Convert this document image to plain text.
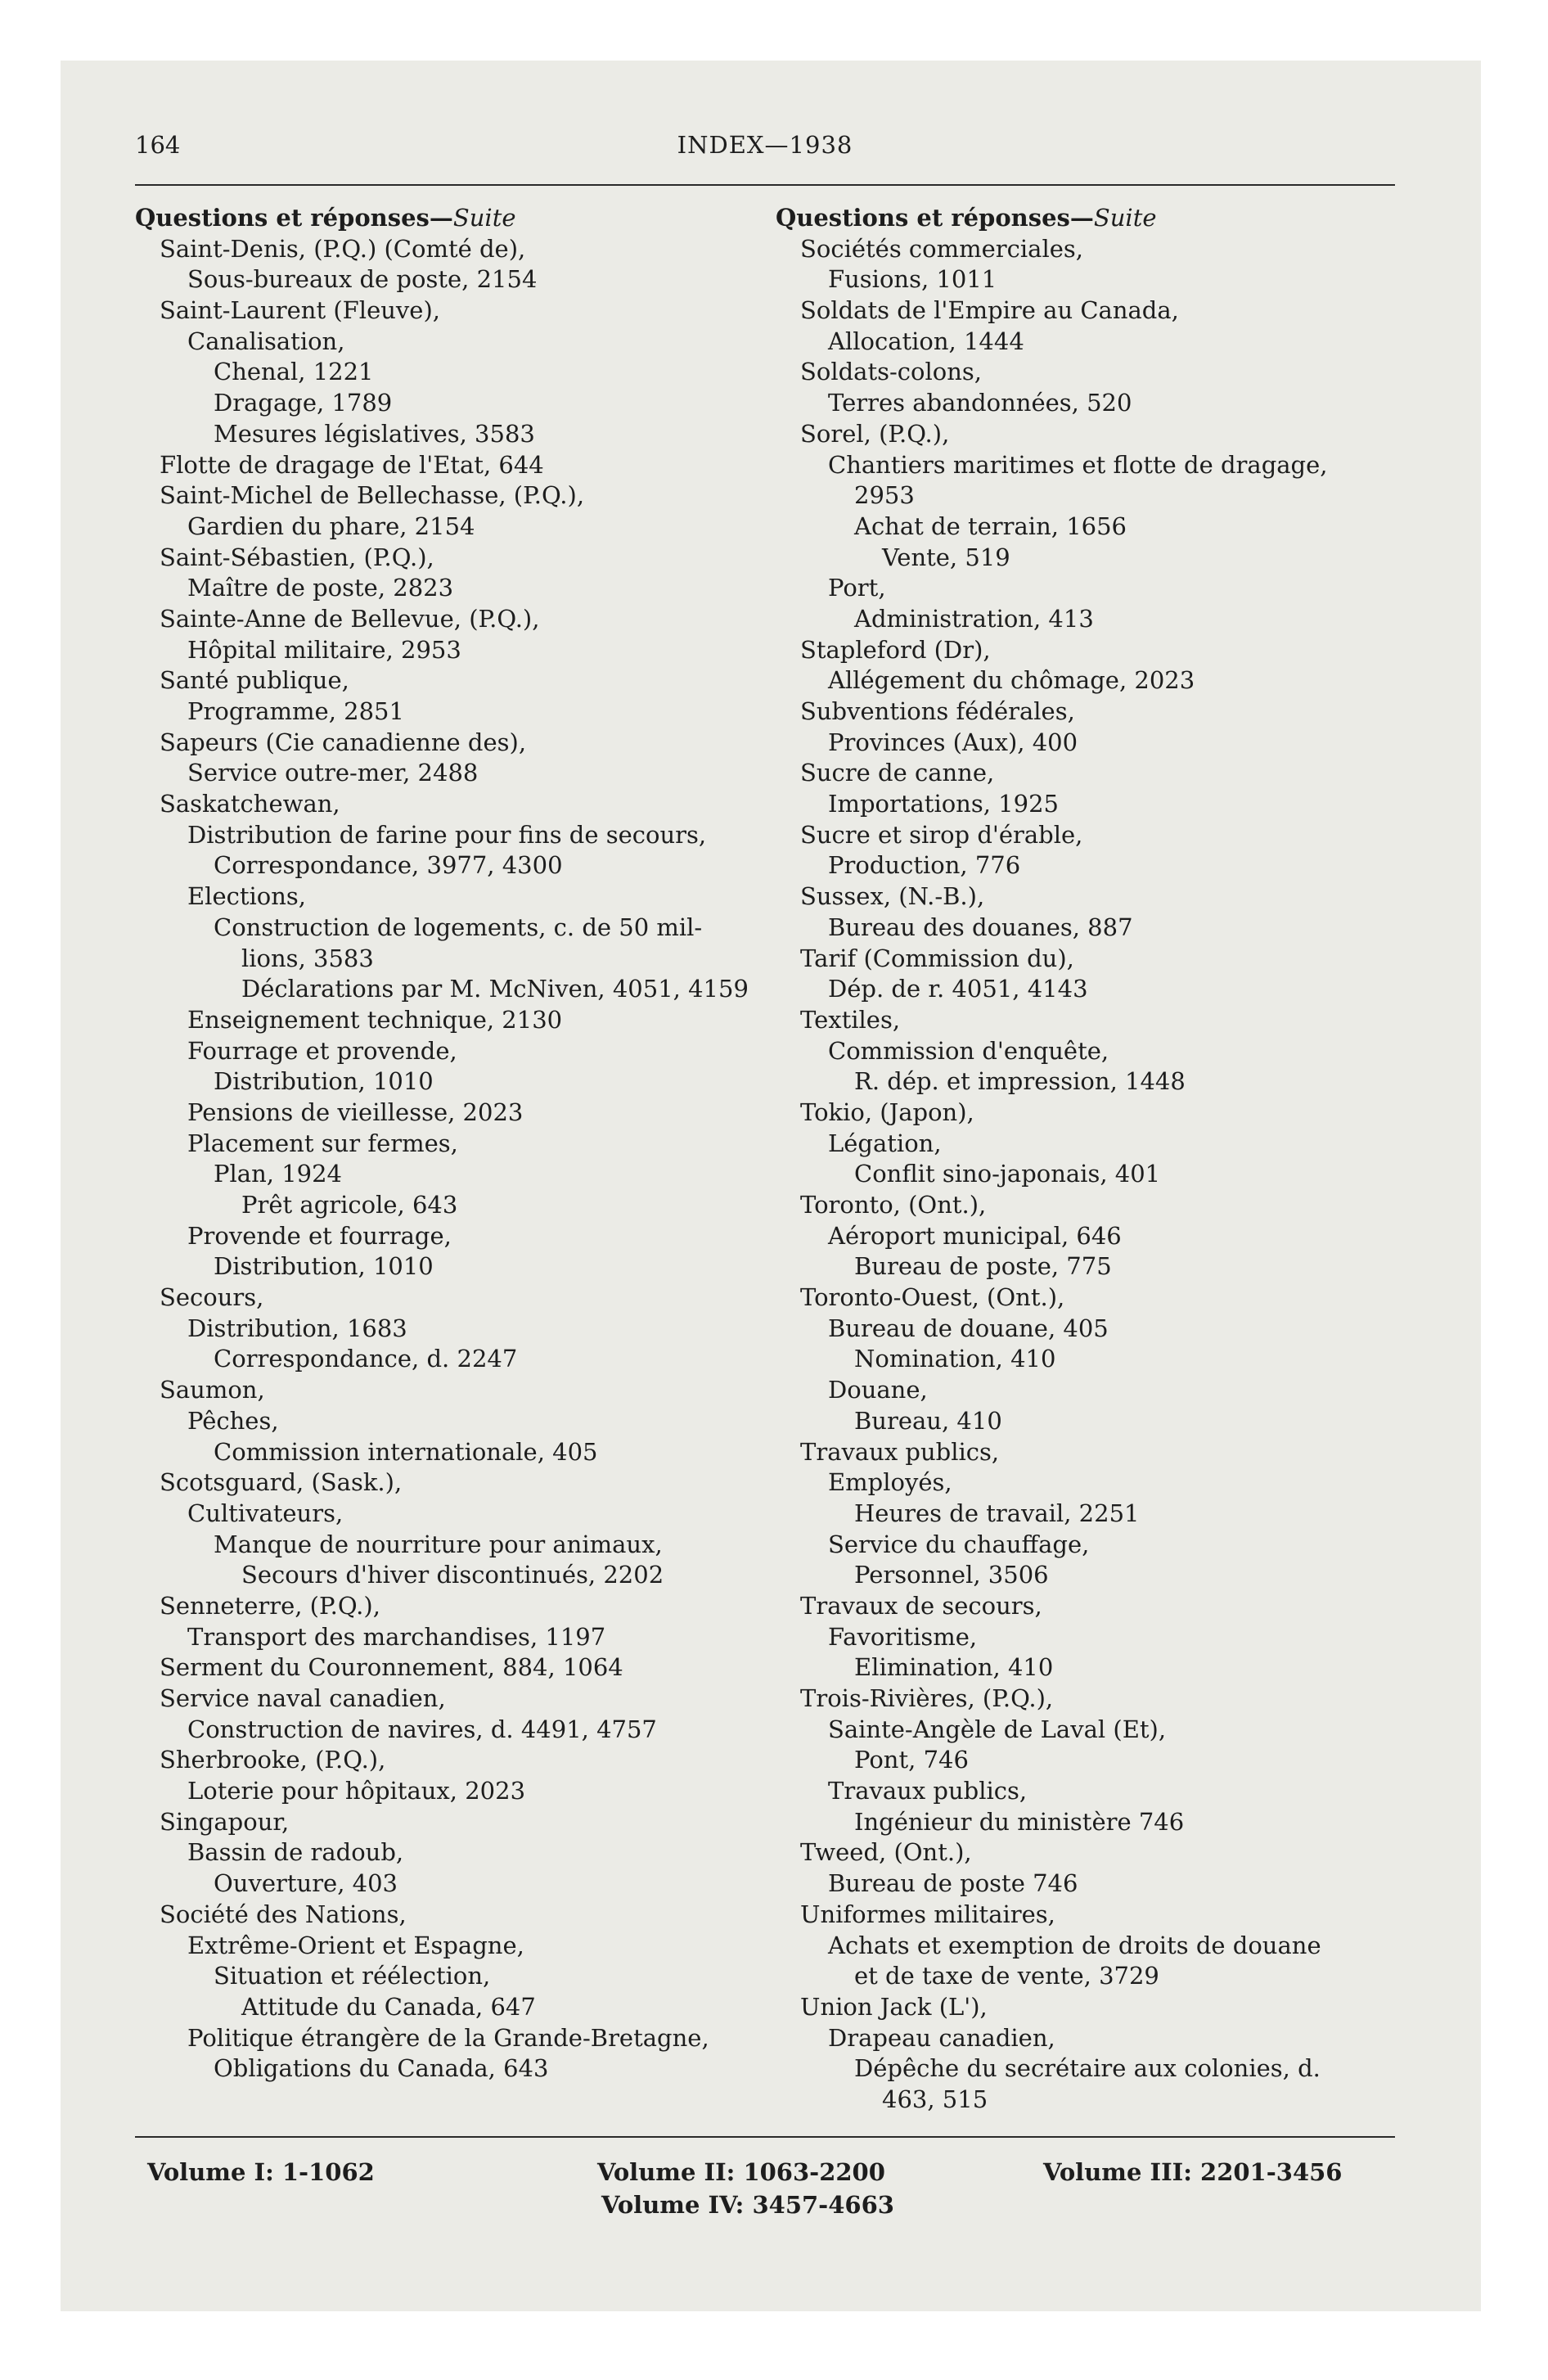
164	INDEX—1938
Questions et réponses—Suite
Saint-Denis, (P.Q.) (Comté de),
Sous-bureaux de poste, 2154
Saint-Laurent (Fleuve),
Canalisation,
Chenal, 1221
Dragage, 1789
Mesures législatives, 3583
Flotte de dragage de l'Etat, 644
Saint-Michel de Bellechasse, (P.Q.),
Gardien du phare, 2154
Saint-Sébastien, (P.Q.),
Maître de poste, 2823
Sainte-Anne de Bellevue, (P.Q.),
Hôpital militaire, 2953
Santé publique,
Programme, 2851
Sapeurs (Cie canadienne des),
Service outre-mer, 2488
Saskatchewan,
Distribution de farine pour fins de secours,
Correspondance, 3977, 4300
Elections,
Construction de logements, c. de 50 mil-
lions, 3583
Déclarations par M. McNiven, 4051, 4159
Enseignement technique, 2130
Fourrage et provende,
Distribution, 1010
Pensions de vieillesse, 2023
Placement sur fermes,
Plan, 1924
Prêt agricole, 643
Provende et fourrage,
Distribution, 1010
Secours,
Distribution, 1683
Correspondance, d. 2247
Saumon,
Pêches,
Commission internationale, 405
Scotsguard, (Sask.),
Cultivateurs,
Manque de nourriture pour animaux,
Secours d'hiver discontinués, 2202
Senneterre, (P.Q.),
Transport des marchandises, 1197
Serment du Couronnement, 884, 1064
Service naval canadien,
Construction de navires, d. 4491, 4757
Sherbrooke, (P.Q.),
Loterie pour hôpitaux, 2023
Singapour,
Bassin de radoub,
Ouverture, 403
Société des Nations,
Extrême-Orient et Espagne,
Situation et réélection,
Attitude du Canada, 647
Politique étrangère de la Grande-Bretagne,
Obligations du Canada, 643
Questions et réponses—Suite
Sociétés commerciales,
Fusions, 1011
Soldats de l'Empire au Canada,
Allocation, 1444
Soldats-colons,
Terres abandonnées, 520
Sorel, (P.Q.),
Chantiers maritimes et flotte de dragage,
2953
Achat de terrain, 1656
Vente, 519
Port,
Administration, 413
Stapleford (Dr),
Allégement du chômage, 2023
Subventions fédérales,
Provinces (Aux), 400
Sucre de canne,
Importations, 1925
Sucre et sirop d'érable,
Production, 776
Sussex, (N.-B.),
Bureau des douanes, 887
Tarif (Commission du),
Dép. de r. 4051, 4143
Textiles,
Commission d'enquête,
R. dép. et impression, 1448
Tokio, (Japon),
Légation,
Conflit sino-japonais, 401
Toronto, (Ont.),
Aéroport municipal, 646
Bureau de poste, 775
Toronto-Ouest, (Ont.),
Bureau de douane, 405
Nomination, 410
Douane,
Bureau, 410
Travaux publics,
Employés,
Heures de travail, 2251
Service du chauffage,
Personnel, 3506
Travaux de secours,
Favoritisme,
Elimination, 410
Trois-Rivières, (P.Q.),
Sainte-Angèle de Laval (Et),
Pont, 746
Travaux publics,
Ingénieur du ministère 746
Tweed, (Ont.),
Bureau de poste 746
Uniformes militaires,
Achats et exemption de droits de douane
et de taxe de vente, 3729
Union Jack (L'),
Drapeau canadien,
Dépêche du secrétaire aux colonies, d.
463, 515
Volume I: 1-1062	Volume II: 1063-2200	Volume III: 2201-3456
Volume IV: 3457-4663
